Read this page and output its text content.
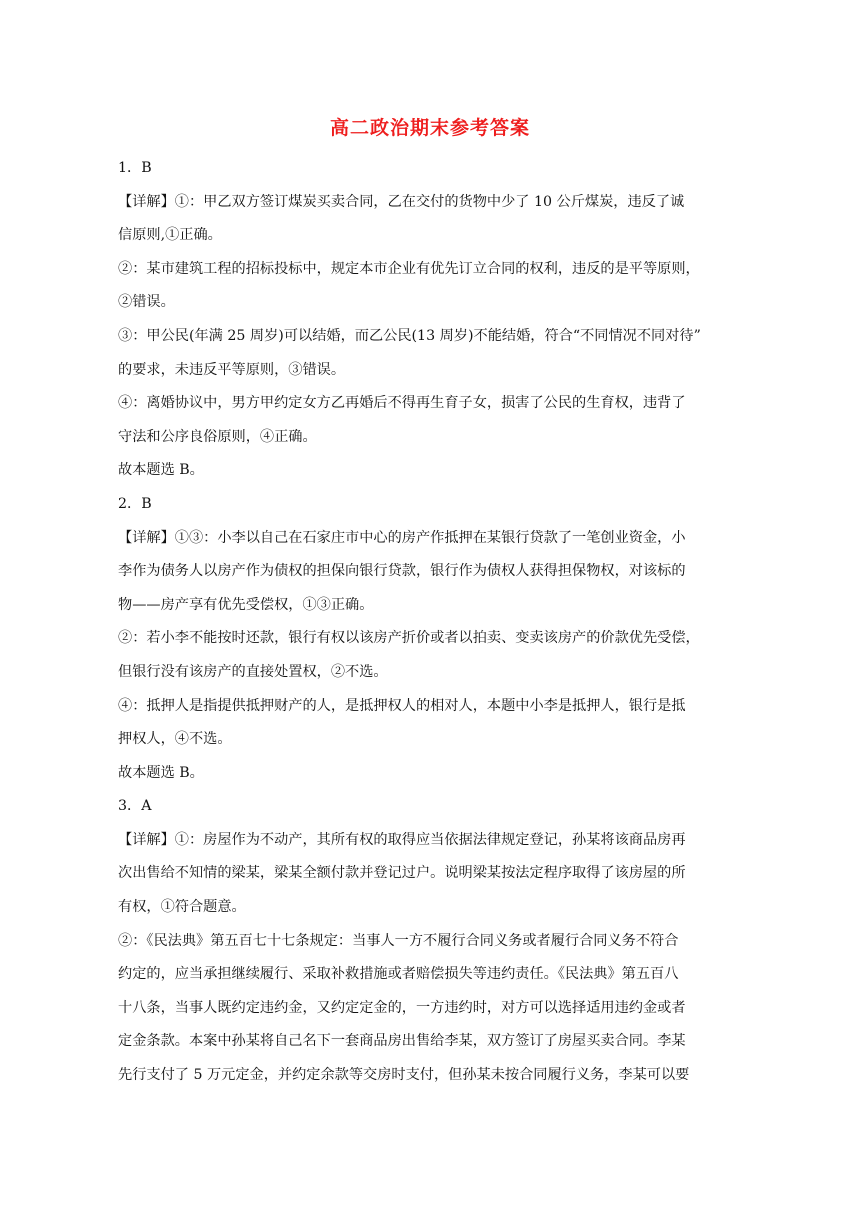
高二政治期末参考答案
1．B
【详解】①：甲乙双方签订煤炭买卖合同，乙在交付的货物中少了 10 公斤煤炭，违反了诚
信原则,①正确。
②：某市建筑工程的招标投标中，规定本市企业有优先订立合同的权利，违反的是平等原则，
②错误。
③：甲公民(年满 25 周岁)可以结婚，而乙公民(13 周岁)不能结婚，符合“不同情况不同对待”
的要求，未违反平等原则，③错误。
④：离婚协议中，男方甲约定女方乙再婚后不得再生育子女，损害了公民的生育权，违背了
守法和公序良俗原则，④正确。
故本题选 B。
2．B
【详解】①③：小李以自己在石家庄市中心的房产作抵押在某银行贷款了一笔创业资金，小
李作为债务人以房产作为债权的担保向银行贷款，银行作为债权人获得担保物权，对该标的
物——房产享有优先受偿权，①③正确。
②：若小李不能按时还款，银行有权以该房产折价或者以拍卖、变卖该房产的价款优先受偿，
但银行没有该房产的直接处置权，②不选。
④：抵押人是指提供抵押财产的人，是抵押权人的相对人，本题中小李是抵押人，银行是抵
押权人，④不选。
故本题选 B。
3．A
【详解】①：房屋作为不动产，其所有权的取得应当依据法律规定登记，孙某将该商品房再
次出售给不知情的梁某，梁某全额付款并登记过户。说明梁某按法定程序取得了该房屋的所
有权，①符合题意。
②：《民法典》第五百七十七条规定：当事人一方不履行合同义务或者履行合同义务不符合
约定的，应当承担继续履行、采取补救措施或者赔偿损失等违约责任。《民法典》第五百八
十八条，当事人既约定违约金，又约定定金的，一方违约时，对方可以选择适用违约金或者
定金条款。本案中孙某将自己名下一套商品房出售给李某，双方签订了房屋买卖合同。李某
先行支付了 5 万元定金，并约定余款等交房时支付，但孙某未按合同履行义务，李某可以要
